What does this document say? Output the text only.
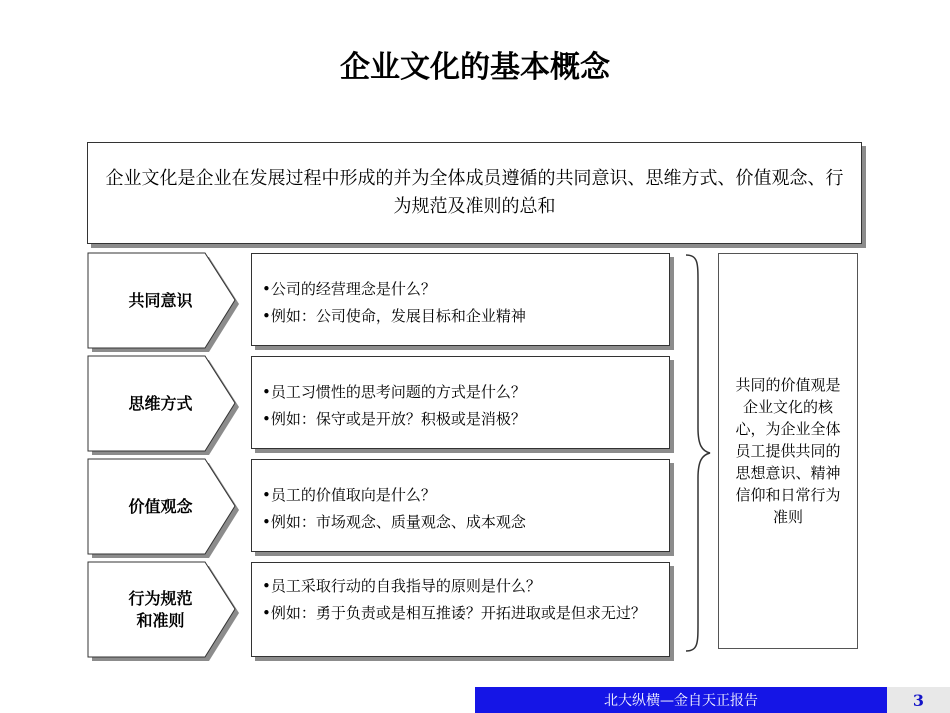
企业文化的基本概念
企业文化是企业在发展过程中形成的并为全体成员遵循的共同意识、思维方式、价值观念、行为规范及准则的总和
共同意识
•公司的经营理念是什么？
•例如：公司使命，发展目标和企业精神
思维方式
•员工习惯性的思考问题的方式是什么？
•例如：保守或是开放？积极或是消极？
价值观念
•员工的价值取向是什么？
•例如：市场观念、质量观念、成本观念
行为规范
和准则
•员工采取行动的自我指导的原则是什么？
•例如：勇于负责或是相互推诿？开拓进取或是但求无过？
共同的价值观是企业文化的核心，为企业全体员工提供共同的思想意识、精神信仰和日常行为准则
北大纵横—金自天正报告	3
